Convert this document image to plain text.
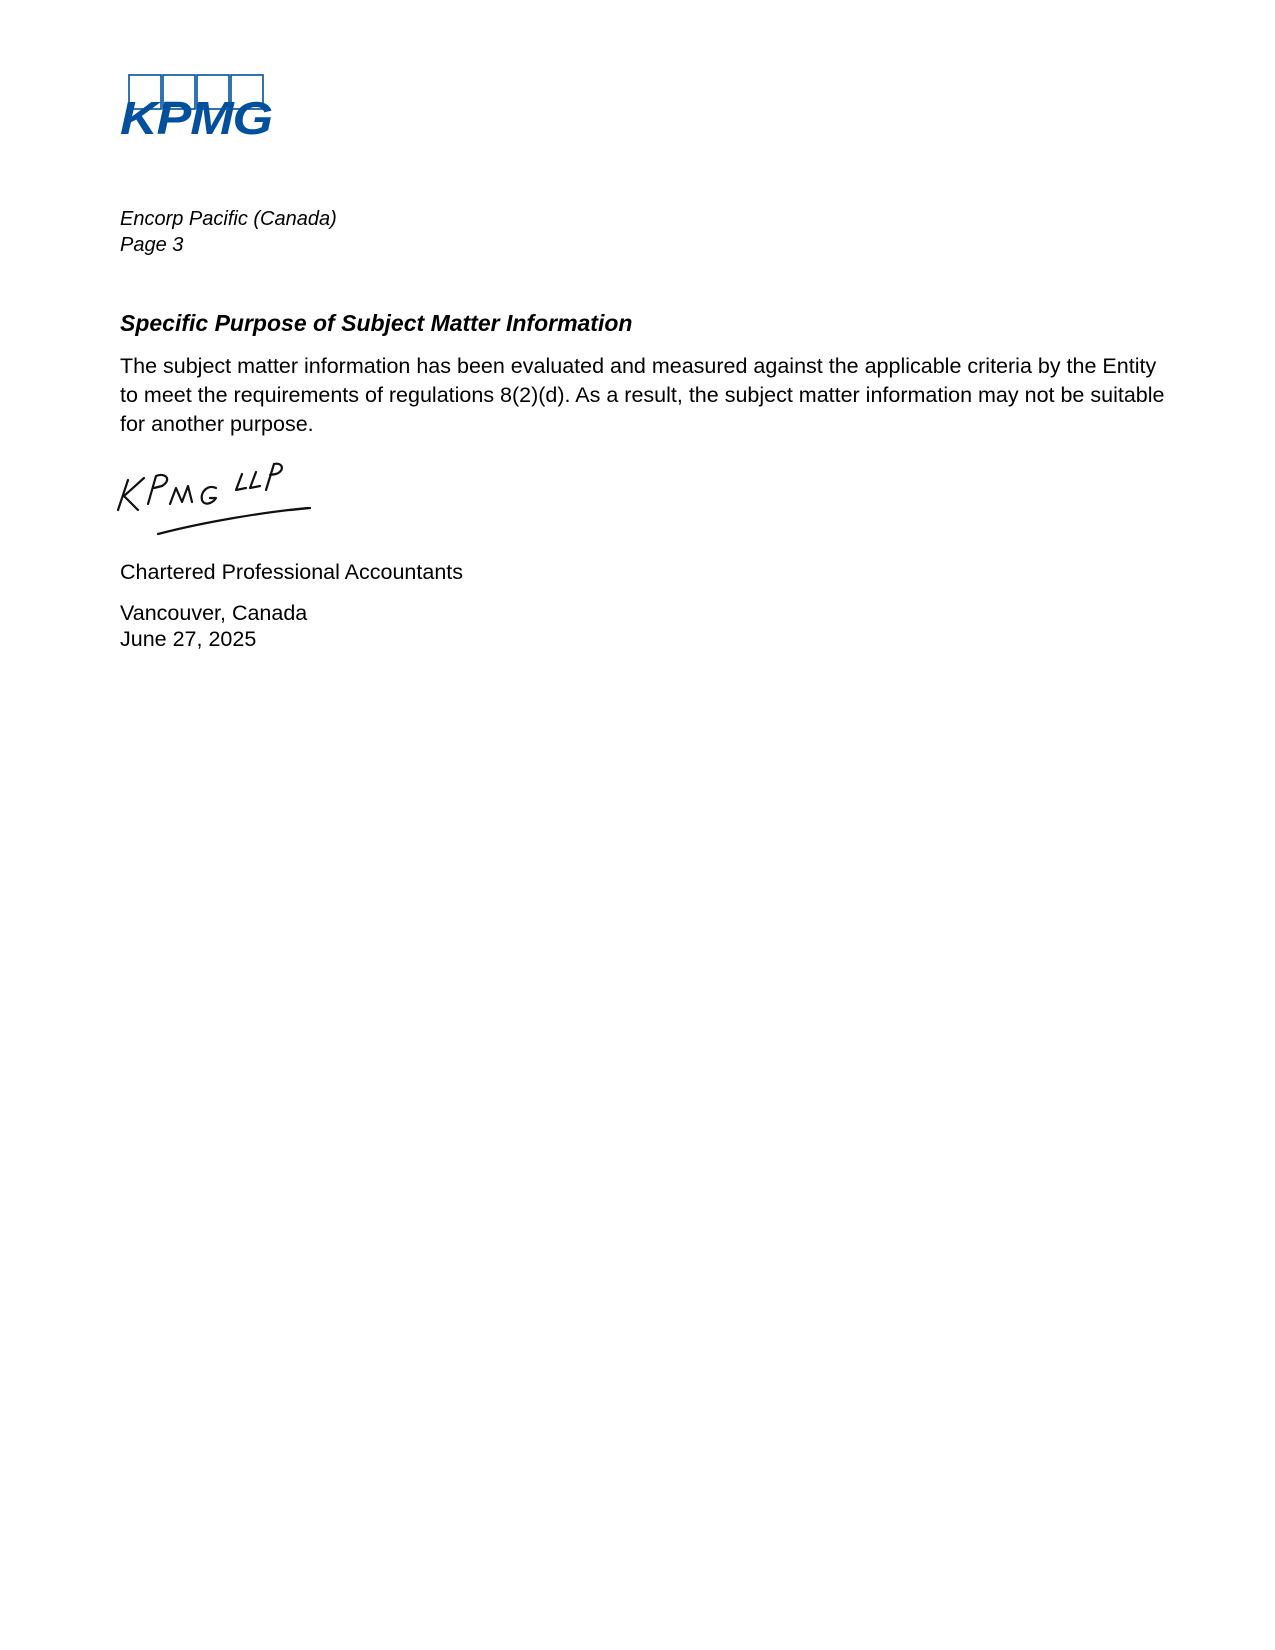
KPMG
Encorp Pacific (Canada)
Page 3
Specific Purpose of Subject Matter Information

The subject matter information has been evaluated and measured against the applicable criteria by the Entity to meet the requirements of regulations 8(2)(d). As a result, the subject matter information may not be suitable for another purpose.

Chartered Professional Accountants
Vancouver, Canada
June 27, 2025
